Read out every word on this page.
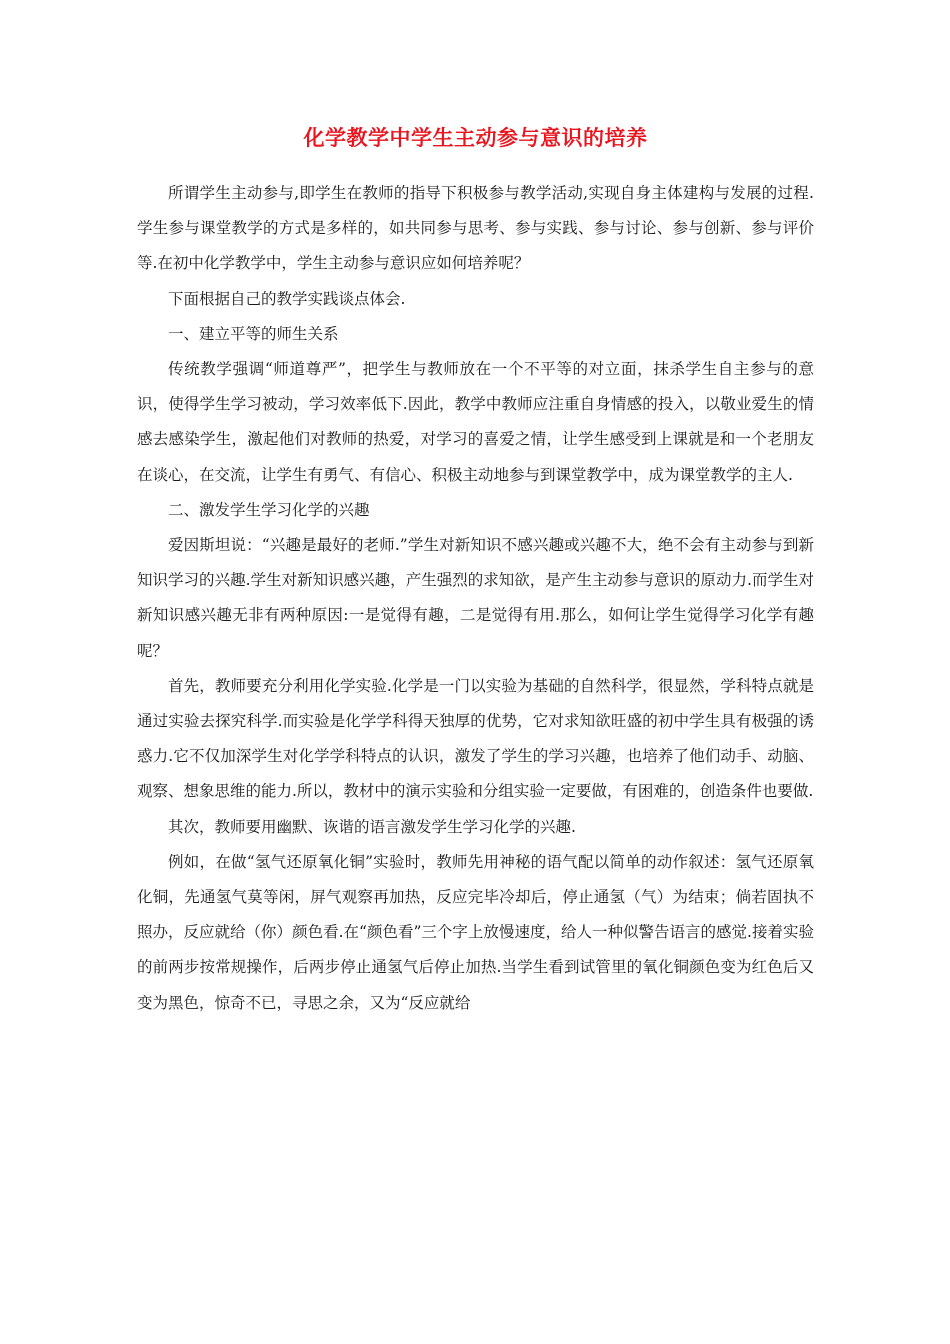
化学教学中学生主动参与意识的培养

所谓学生主动参与,即学生在教师的指导下积极参与教学活动,实现自身主体建构与发展的过程.学生参与课堂教学的方式是多样的，如共同参与思考、参与实践、参与讨论、参与创新、参与评价等.在初中化学教学中，学生主动参与意识应如何培养呢？

下面根据自己的教学实践谈点体会.

一、建立平等的师生关系

传统教学强调“师道尊严”，把学生与教师放在一个不平等的对立面，抹杀学生自主参与的意识，使得学生学习被动，学习效率低下.因此，教学中教师应注重自身情感的投入，以敬业爱生的情感去感染学生，激起他们对教师的热爱，对学习的喜爱之情，让学生感受到上课就是和一个老朋友在谈心，在交流，让学生有勇气、有信心、积极主动地参与到课堂教学中，成为课堂教学的主人.

二、激发学生学习化学的兴趣

爱因斯坦说：“兴趣是最好的老师.”学生对新知识不感兴趣或兴趣不大，绝不会有主动参与到新知识学习的兴趣.学生对新知识感兴趣，产生强烈的求知欲，是产生主动参与意识的原动力.而学生对新知识感兴趣无非有两种原因:一是觉得有趣，二是觉得有用.那么，如何让学生觉得学习化学有趣呢？

首先，教师要充分利用化学实验.化学是一门以实验为基础的自然科学，很显然，学科特点就是通过实验去探究科学.而实验是化学学科得天独厚的优势，它对求知欲旺盛的初中学生具有极强的诱惑力.它不仅加深学生对化学学科特点的认识，激发了学生的学习兴趣，也培养了他们动手、动脑、观察、想象思维的能力.所以，教材中的演示实验和分组实验一定要做，有困难的，创造条件也要做.

其次，教师要用幽默、诙谐的语言激发学生学习化学的兴趣.

例如，在做“氢气还原氧化铜”实验时，教师先用神秘的语气配以简单的动作叙述：氢气还原氧化铜，先通氢气莫等闲，屏气观察再加热，反应完毕冷却后，停止通氢（气）为结束；倘若固执不照办，反应就给（你）颜色看.在“颜色看”三个字上放慢速度，给人一种似警告语言的感觉.接着实验的前两步按常规操作，后两步停止通氢气后停止加热.当学生看到试管里的氧化铜颜色变为红色后又变为黑色，惊奇不已，寻思之余，又为“反应就给
